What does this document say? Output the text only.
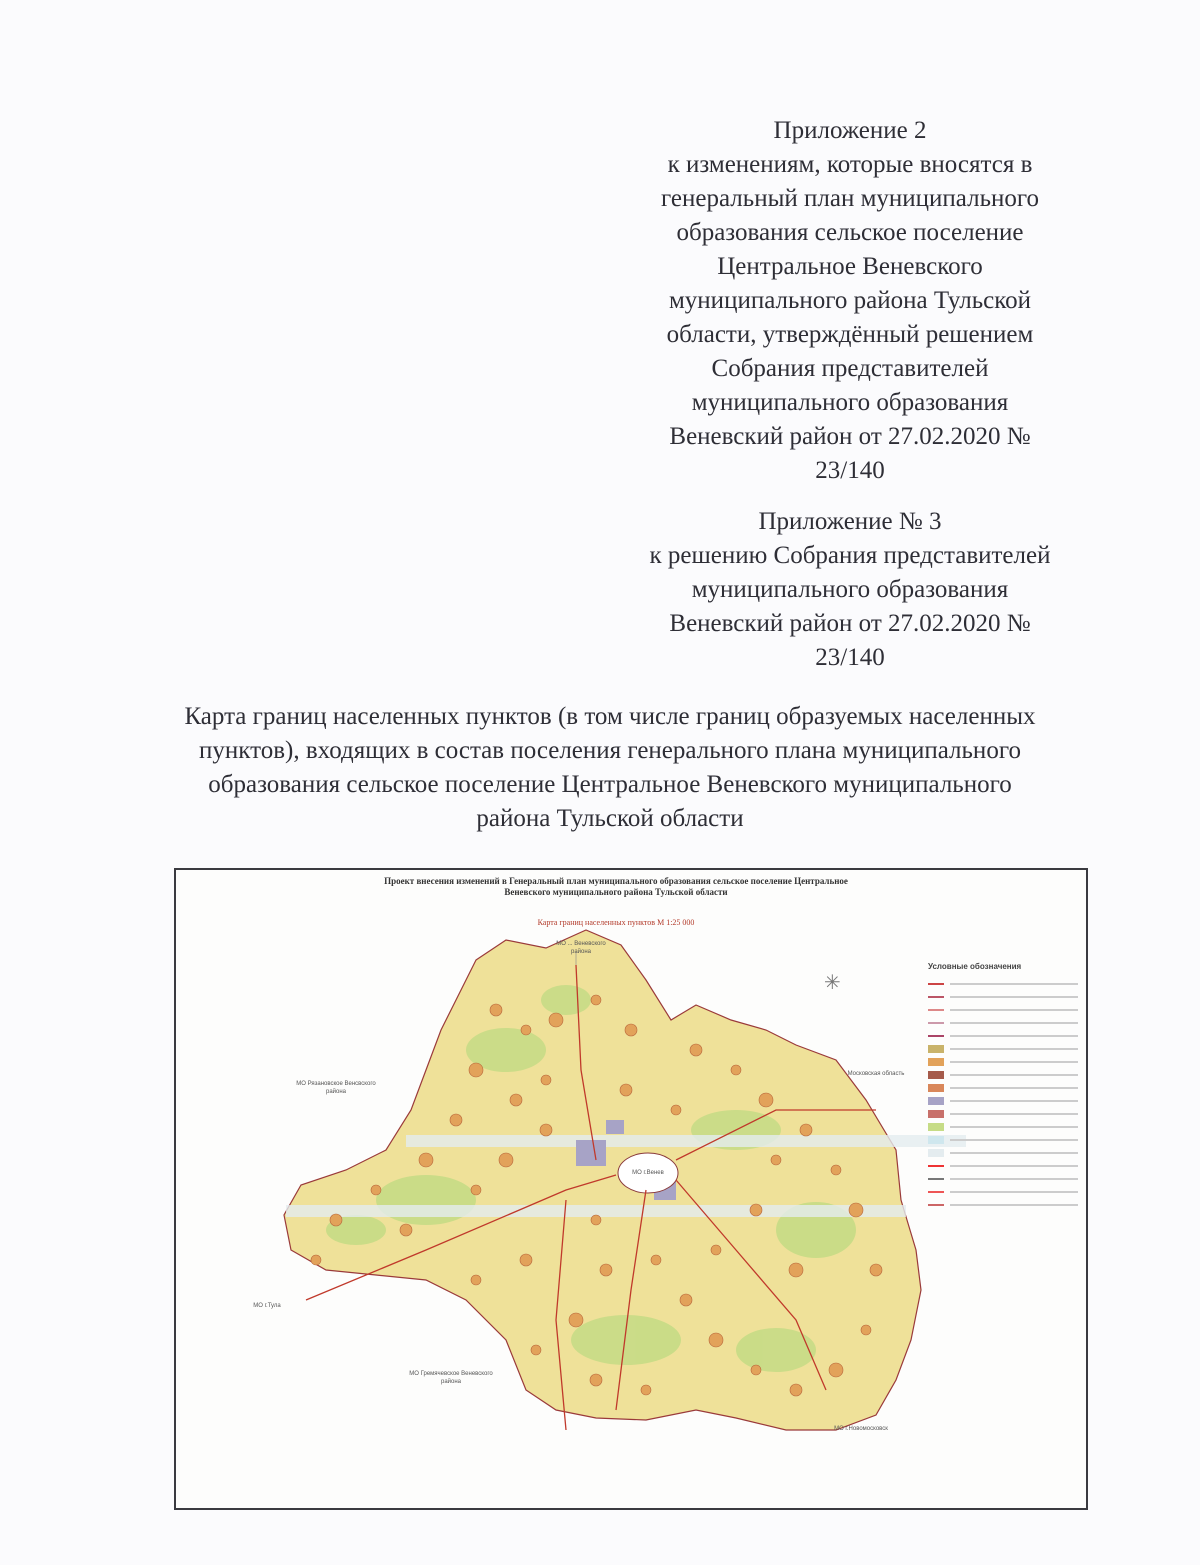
Приложение 2
к изменениям, которые вносятся в
генеральный план муниципального
образования сельское поселение
Центральное Веневского
муниципального района Тульской
области, утверждённый решением
Собрания представителей
муниципального образования
Веневский район от 27.02.2020 №
23/140
Приложение № 3
к решению Собрания представителей
муниципального образования
Веневский район от 27.02.2020 №
23/140
Карта границ населенных пунктов (в том числе границ образуемых населенных
пунктов), входящих в состав поселения генерального плана муниципального
образования сельское поселение Центральное Веневского муниципального
района Тульской области
Проект внесения изменений в Генеральный план муниципального образования сельское поселение Центральное
Веневского муниципального района Тульской области
Карта границ населенных пунктов М 1:25 000
✳
МО ... Веневского района
Московская область
МО Рязановское Венсвского района
МО г.Венев
МО г.Тула
МО Гремячевское Веневского района
МО г.Новомосковск
Условные обозначения
